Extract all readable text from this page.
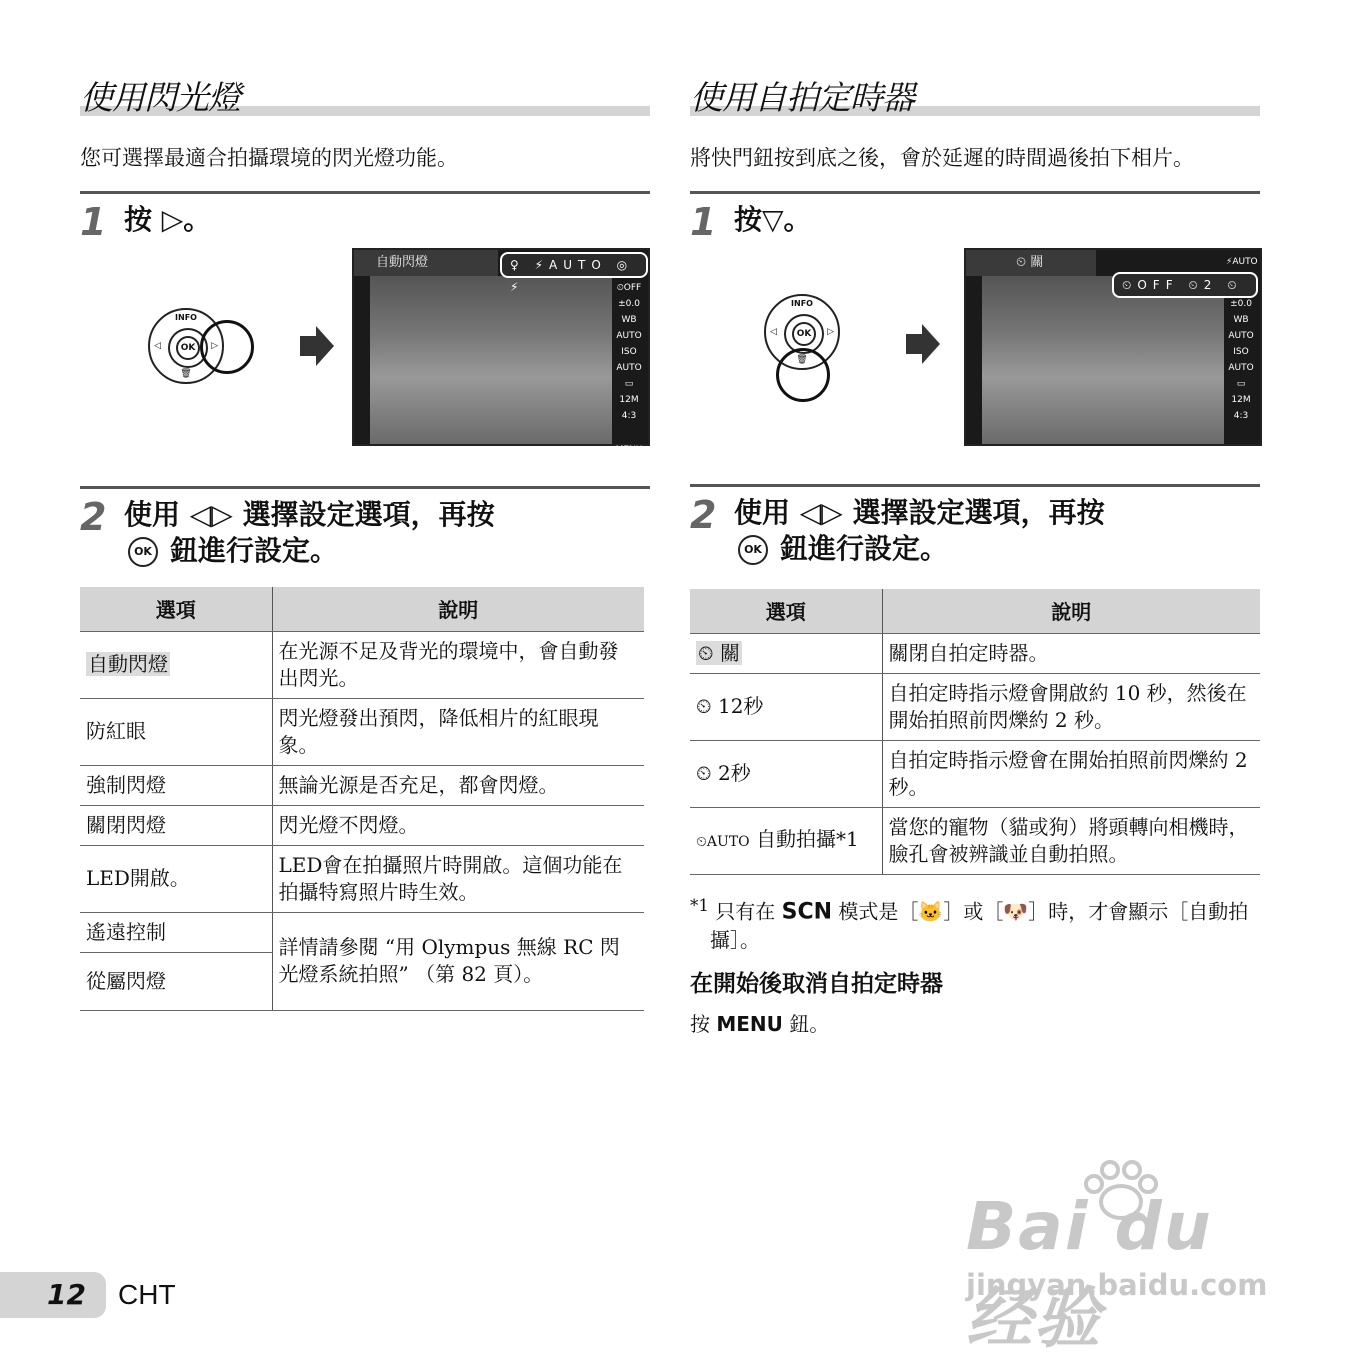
使用閃光燈

您可選擇最適合拍攝環境的閃光燈功能。

1 按 ▷。
INFO
◁	▷
🗑
OK
自動閃燈	♀ ⚡AUTO ◎ ⚡	⏲OFF
±0.0
WB AUTO
ISO AUTO
▭
12M
4:3
MENU
2 使用 ◁▷ 選擇設定選項，再按
OK 鈕進行設定。
選項	說明
自動閃燈	在光源不足及背光的環境中，會自動發出閃光。
防紅眼	閃光燈發出預閃，降低相片的紅眼現象。
強制閃燈	無論光源是否充足，都會閃燈。
關閉閃燈	閃光燈不閃燈。
LED開啟。	LED會在拍攝照片時開啟。這個功能在拍攝特寫照片時生效。
遙遠控制	詳情請參閱 “用 Olympus 無線 RC 閃光燈系統拍照” （第 82 頁）。
從屬閃燈	
使用自拍定時器

將快門鈕按到底之後，會於延遲的時間過後拍下相片。

1 按▽。
INFO
◁	▷
🗑
OK
⏲ 關
⏲OFF ⏲2 ⏲
⚡AUTO
±0.0
WB AUTO
ISO AUTO
▭
12M
4:3
MENU
2 使用 ◁▷ 選擇設定選項，再按
OK 鈕進行設定。
選項	說明
⏲ 關	關閉自拍定時器。
⏲ 12秒	自拍定時指示燈會開啟約 10 秒，然後在開始拍照前閃爍約 2 秒。
⏲ 2秒	自拍定時指示燈會在開始拍照前閃爍約 2 秒。
⏲AUTO 自動拍攝*1	當您的寵物（貓或狗）將頭轉向相機時，臉孔會被辨識並自動拍照。

$^{*1}$ 只有在 SCN 模式是［🐱］或［🐶］時，才會顯示［自動拍攝］。

在開始後取消自拍定時器

按 MENU 鈕。

12	CHT
Bai du 经验
jingyan.baidu.com
